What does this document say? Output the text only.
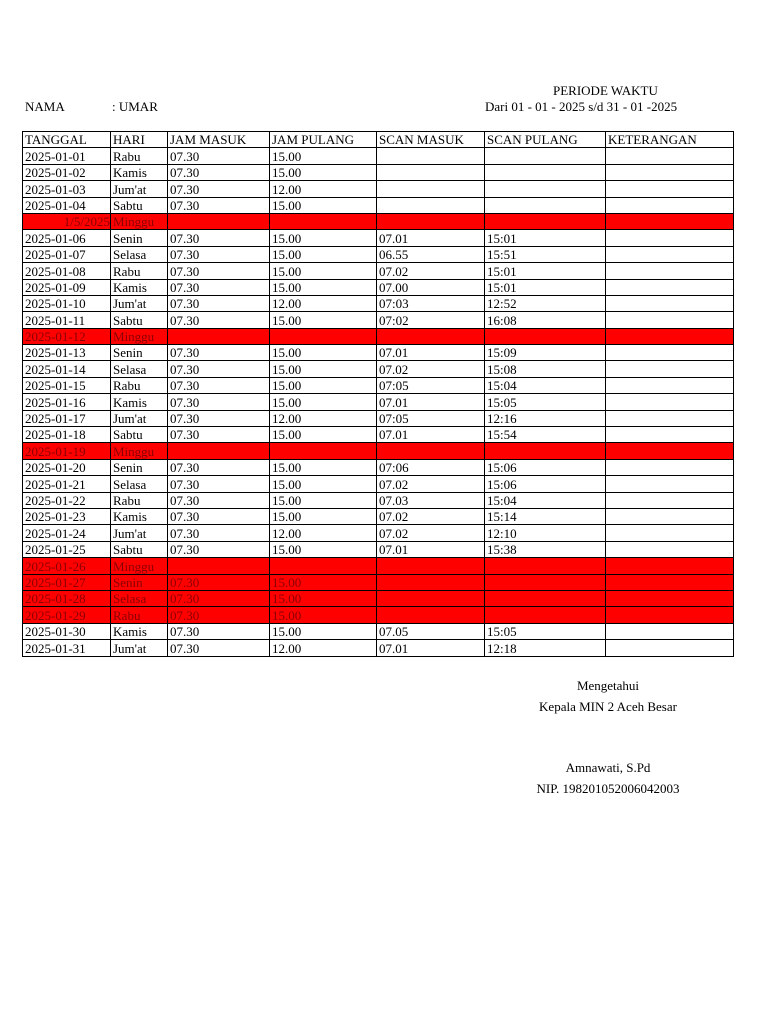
PERIODE WAKTU
NAMA	: UMAR	Dari 01 - 01 - 2025 s/d 31 - 01 -2025
TANGGAL	HARI	JAM MASUK	JAM PULANG	SCAN MASUK	SCAN PULANG	KETERANGAN
2025-01-01	Rabu	07.30	15.00			
2025-01-02	Kamis	07.30	15.00			
2025-01-03	Jum'at	07.30	12.00			
2025-01-04	Sabtu	07.30	15.00			
1/5/2025	Minggu					
2025-01-06	Senin	07.30	15.00	07.01	15:01	
2025-01-07	Selasa	07.30	15.00	06.55	15:51	
2025-01-08	Rabu	07.30	15.00	07.02	15:01	
2025-01-09	Kamis	07.30	15.00	07.00	15:01	
2025-01-10	Jum'at	07.30	12.00	07:03	12:52	
2025-01-11	Sabtu	07.30	15.00	07:02	16:08	
2025-01-12	Minggu					
2025-01-13	Senin	07.30	15.00	07.01	15:09	
2025-01-14	Selasa	07.30	15.00	07.02	15:08	
2025-01-15	Rabu	07.30	15.00	07:05	15:04	
2025-01-16	Kamis	07.30	15.00	07.01	15:05	
2025-01-17	Jum'at	07.30	12.00	07:05	12:16	
2025-01-18	Sabtu	07.30	15.00	07.01	15:54	
2025-01-19	Minggu					
2025-01-20	Senin	07.30	15.00	07:06	15:06	
2025-01-21	Selasa	07.30	15.00	07.02	15:06	
2025-01-22	Rabu	07.30	15.00	07.03	15:04	
2025-01-23	Kamis	07.30	15.00	07.02	15:14	
2025-01-24	Jum'at	07.30	12.00	07.02	12:10	
2025-01-25	Sabtu	07.30	15.00	07.01	15:38	
2025-01-26	Minggu					
2025-01-27	Senin	07.30	15.00			
2025-01-28	Selasa	07.30	15.00			
2025-01-29	Rabu	07.30	15.00			
2025-01-30	Kamis	07.30	15.00	07.05	15:05	
2025-01-31	Jum'at	07.30	12.00	07.01	12:18	
Mengetahui
Kepala MIN 2 Aceh Besar
Amnawati, S.Pd
NIP. 198201052006042003
